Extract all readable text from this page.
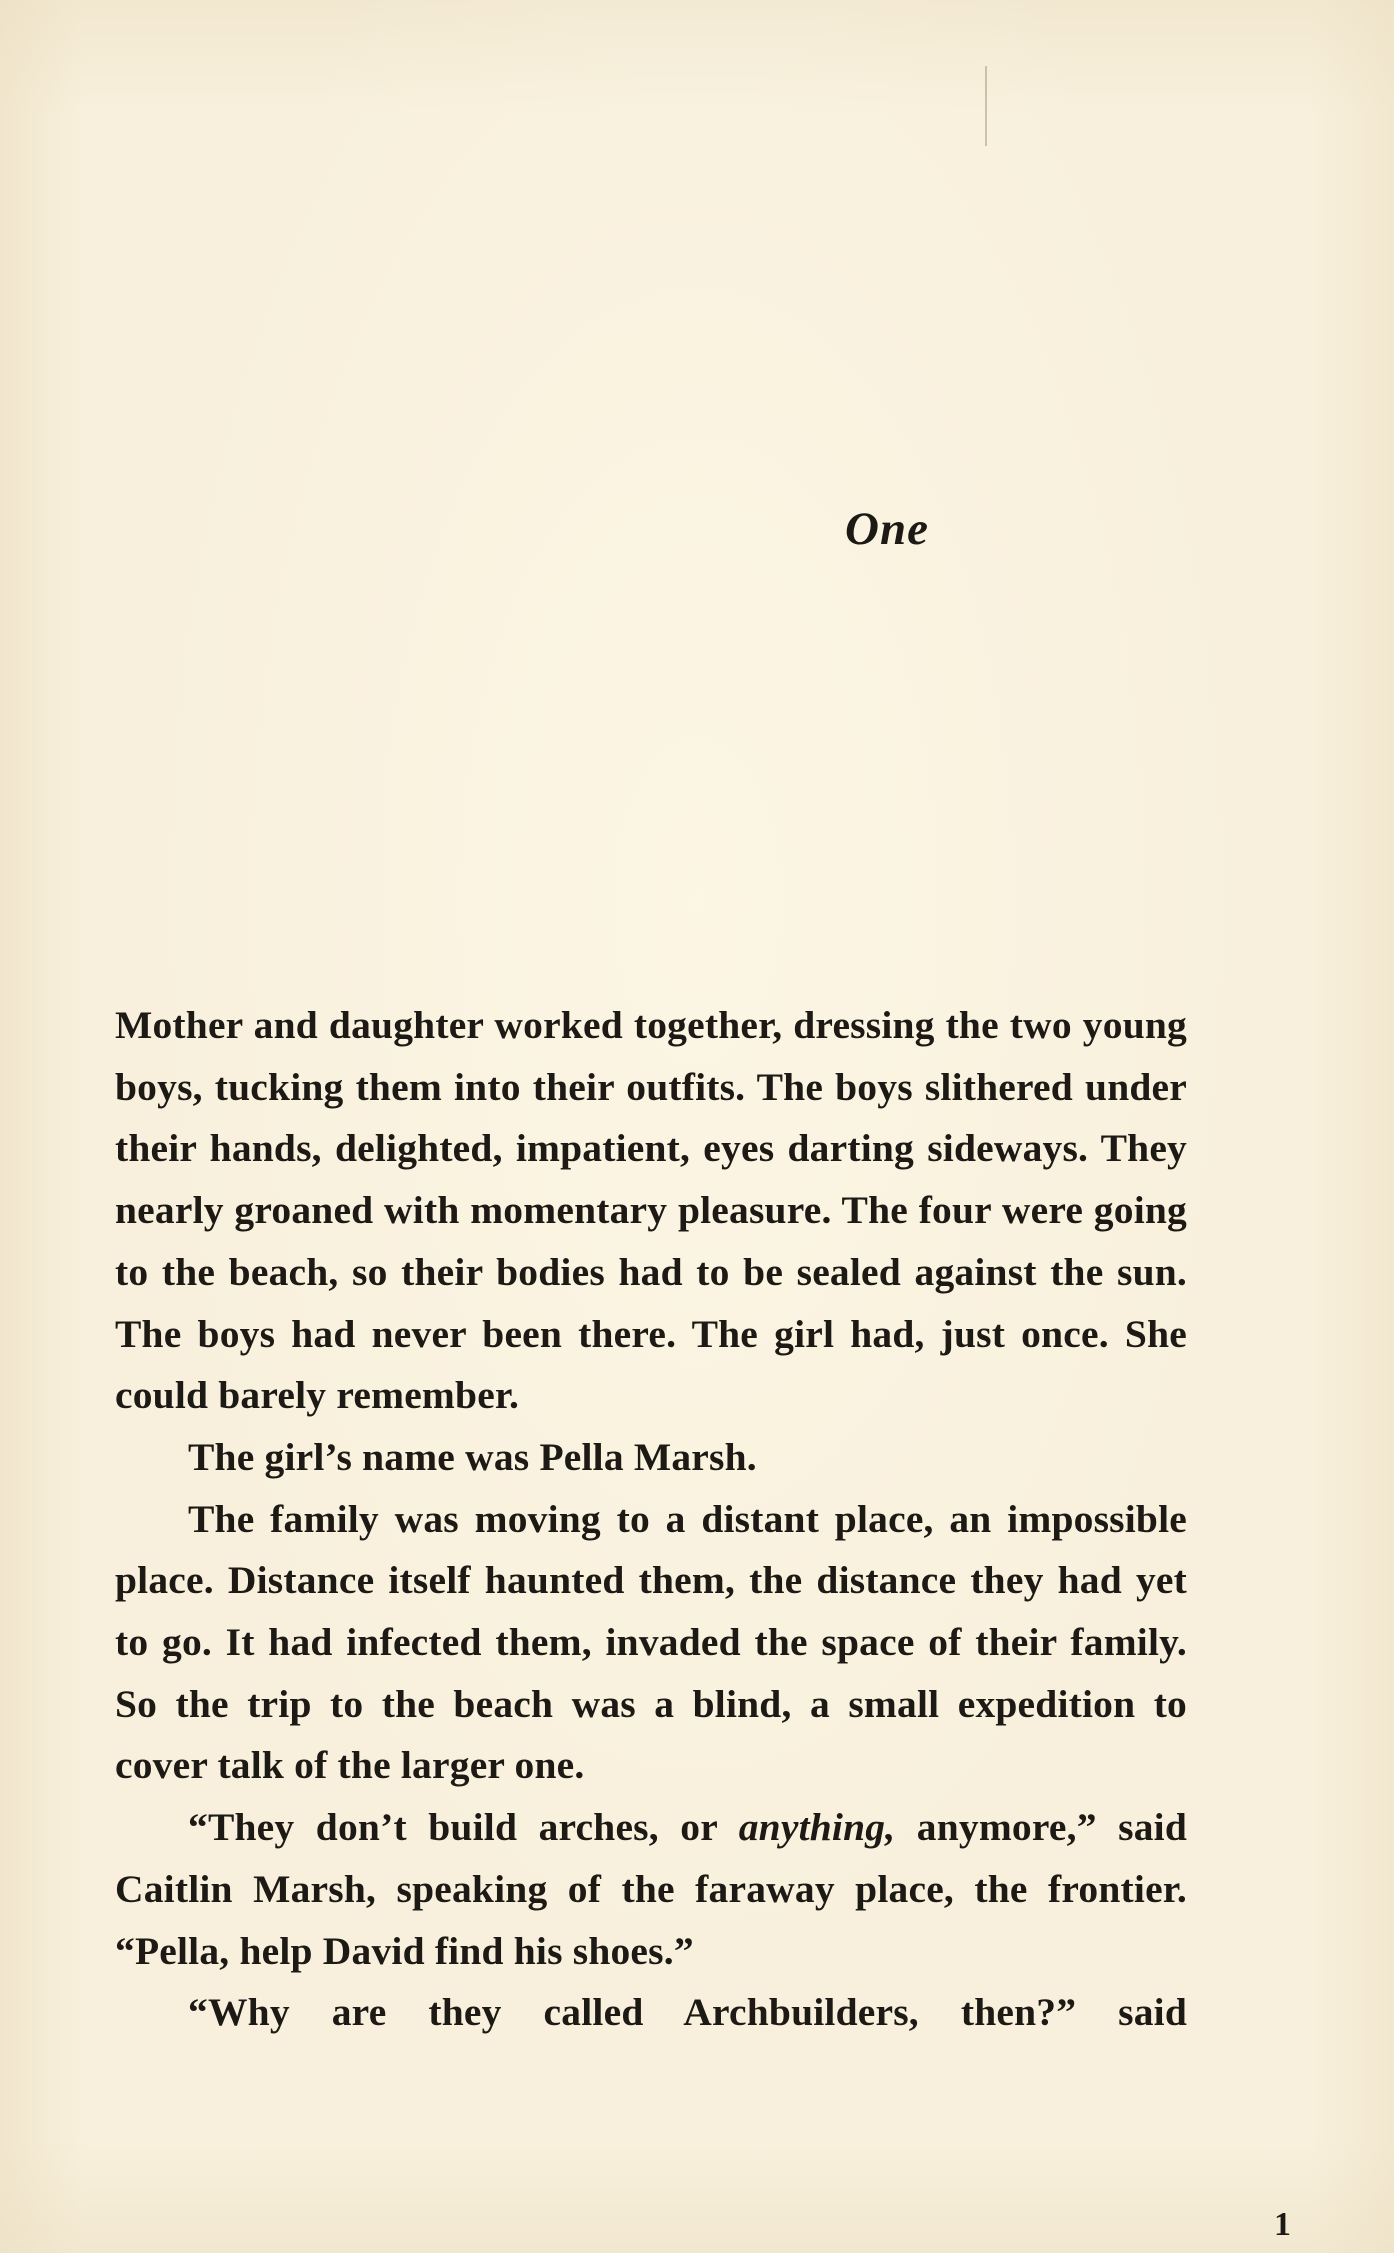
One

Mother and daughter worked together, dressing the two young boys, tucking them into their outfits. The boys slithered under their hands, delighted, impatient, eyes darting sideways. They nearly groaned with momentary pleasure. The four were going to the beach, so their bodies had to be sealed against the sun. The boys had never been there. The girl had, just once. She could barely remember.

The girl’s name was Pella Marsh.

The family was moving to a distant place, an impossible place. Distance itself haunted them, the distance they had yet to go. It had infected them, invaded the space of their family. So the trip to the beach was a blind, a small expedition to cover talk of the larger one.

“They don’t build arches, or anything, anymore,” said Caitlin Marsh, speaking of the faraway place, the frontier. “Pella, help David find his shoes.”

“Why are they called Archbuilders, then?” said

1
